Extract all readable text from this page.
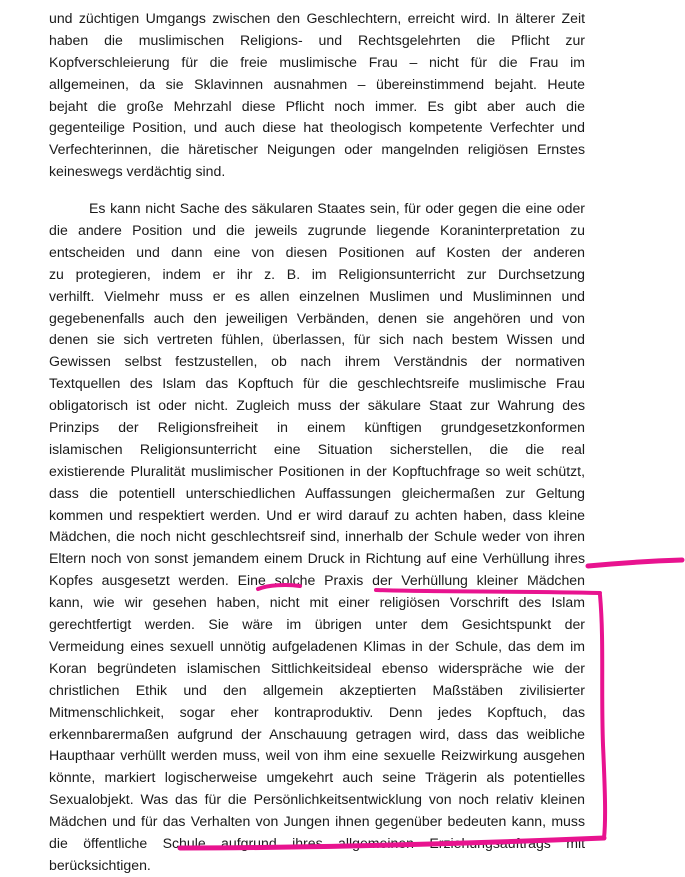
und züchtigen Umgangs zwischen den Geschlechtern, erreicht wird. In älterer Zeit
haben die muslimischen Religions- und Rechtsgelehrten die Pflicht zur
Kopfverschleierung für die freie muslimische Frau – nicht für die Frau im
allgemeinen, da sie Sklavinnen ausnahmen – übereinstimmend bejaht. Heute
bejaht die große Mehrzahl diese Pflicht noch immer. Es gibt aber auch die
gegenteilige Position, und auch diese hat theologisch kompetente Verfechter und
Verfechterinnen, die häretischer Neigungen oder mangelnden religiösen Ernstes
keineswegs verdächtig sind.
Es kann nicht Sache des säkularen Staates sein, für oder gegen die eine oder
die andere Position und die jeweils zugrunde liegende Koraninterpretation zu
entscheiden und dann eine von diesen Positionen auf Kosten der anderen
zu protegieren, indem er ihr z. B. im Religionsunterricht zur Durchsetzung
verhilft. Vielmehr muss er es allen einzelnen Muslimen und Musliminnen und
gegebenenfalls auch den jeweiligen Verbänden, denen sie angehören und von
denen sie sich vertreten fühlen, überlassen, für sich nach bestem Wissen und
Gewissen selbst festzustellen, ob nach ihrem Verständnis der normativen
Textquellen des Islam das Kopftuch für die geschlechtsreife muslimische Frau
obligatorisch ist oder nicht. Zugleich muss der säkulare Staat zur Wahrung des
Prinzips der Religionsfreiheit in einem künftigen grundgesetzkonformen
islamischen Religionsunterricht eine Situation sicherstellen, die die real
existierende Pluralität muslimischer Positionen in der Kopftuchfrage so weit schützt,
dass die potentiell unterschiedlichen Auffassungen gleichermaßen zur Geltung
kommen und respektiert werden. Und er wird darauf zu achten haben, dass kleine
Mädchen, die noch nicht geschlechtsreif sind, innerhalb der Schule weder von ihren
Eltern noch von sonst jemandem einem Druck in Richtung auf eine Verhüllung ihres
Kopfes ausgesetzt werden. Eine solche Praxis der Verhüllung kleiner Mädchen
kann, wie wir gesehen haben, nicht mit einer religiösen Vorschrift des Islam
gerechtfertigt werden. Sie wäre im übrigen unter dem Gesichtspunkt der
Vermeidung eines sexuell unnötig aufgeladenen Klimas in der Schule, das dem im
Koran begründeten islamischen Sittlichkeitsideal ebenso widerspräche wie der
christlichen Ethik und den allgemein akzeptierten Maßstäben zivilisierter
Mitmenschlichkeit, sogar eher kontraproduktiv. Denn jedes Kopftuch, das
erkennbarermaßen aufgrund der Anschauung getragen wird, dass das weibliche
Haupthaar verhüllt werden muss, weil von ihm eine sexuelle Reizwirkung ausgehen
könnte, markiert logischerweise umgekehrt auch seine Trägerin als potentielles
Sexualobjekt. Was das für die Persönlichkeitsentwicklung von noch relativ kleinen
Mädchen und für das Verhalten von Jungen ihnen gegenüber bedeuten kann, muss
die öffentliche Schule aufgrund ihres allgemeinen Erziehungsauftrags mit
berücksichtigen.
